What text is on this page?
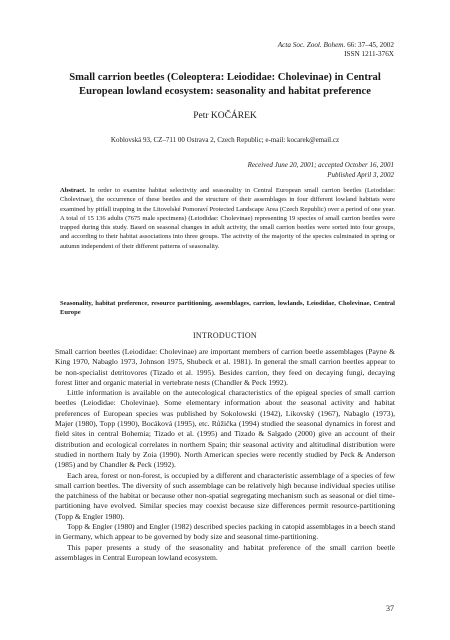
Acta Soc. Zool. Bohem. 66: 37–45, 2002
ISSN 1211-376X
Small carrion beetles (Coleoptera: Leiodidae: Cholevinae) in Central
European lowland ecosystem: seasonality and habitat preference
Petr KOČÁREK
Koblovská 93, CZ–711 00 Ostrava 2, Czech Republic; e-mail: kocarek@email.cz
Received June 20, 2001; accepted October 16, 2001
Published April 3, 2002
Abstract. In order to examine habitat selectivity and seasonality in Central European small carrion beetles (Leiodidae: Cholevinae), the occurrence of these beetles and the structure of their assemblages in four different lowland habitats were examined by pitfall trapping in the Litovelské Pomoraví Protected Landscape Area (Czech Republic) over a period of one year. A total of 15 136 adults (7675 male specimens) (Leiodidae: Cholevinae) representing 19 species of small carrion beetles were trapped during this study. Based on seasonal changes in adult activity, the small carrion beetles were sorted into four groups, and according to their habitat associations into three groups. The activity of the majority of the species culminated in spring or autumn independent of their different patterns of seasonality.
Seasonality, habitat preference, resource partitioning, assemblages, carrion, lowlands, Leiodidae, Cholevinae, Central Europe
INTRODUCTION

Small carrion beetles (Leiodidae: Cholevinae) are important members of carrion beetle assemblages (Payne & King 1970, Nabaglo 1973, Johnson 1975, Shubeck et al. 1981). In general the small carrion beetles appear to be non-specialist detritovores (Tizado et al. 1995). Besides carrion, they feed on decaying fungi, decaying forest litter and organic material in vertebrate nests (Chandler & Peck 1992).

Little information is available on the autecological characteristics of the epigeal species of small carrion beetles (Leiodidae: Cholevinae). Some elementary information about the seasonal activity and habitat preferences of European species was published by Sokolowski (1942), Likovský (1967), Nabaglo (1973), Majer (1980), Topp (1990), Bocáková (1995), etc. Růžička (1994) studied the seasonal dynamics in forest and field sites in central Bohemia; Tizado et al. (1995) and Tizado & Salgado (2000) give an account of their distribution and ecological correlates in northern Spain; thir seasonal activity and altitudinal distribution were studied in northern Italy by Zoia (1990). North American species were recently studied by Peck & Anderson (1985) and by Chandler & Peck (1992).

Each area, forest or non-forest, is occupied by a different and characteristic assemblage of a species of few small carrion beetles. The diversity of such assemblage can be relatively high because individual species utilise the patchiness of the habitat or because other non-spatial segregating mechanism such as seasonal or diel time-partitioning have evolved. Similar species may coexist because size differences permit resource-partitioning (Topp & Engler 1980).

Topp & Engler (1980) and Engler (1982) described species packing in catopid assemblages in a beech stand in Germany, which appear to be governed by body size and seasonal time-partitioning.

This paper presents a study of the seasonality and habitat preference of the small carrion beetle assemblages in Central European lowland ecosystem.

37
